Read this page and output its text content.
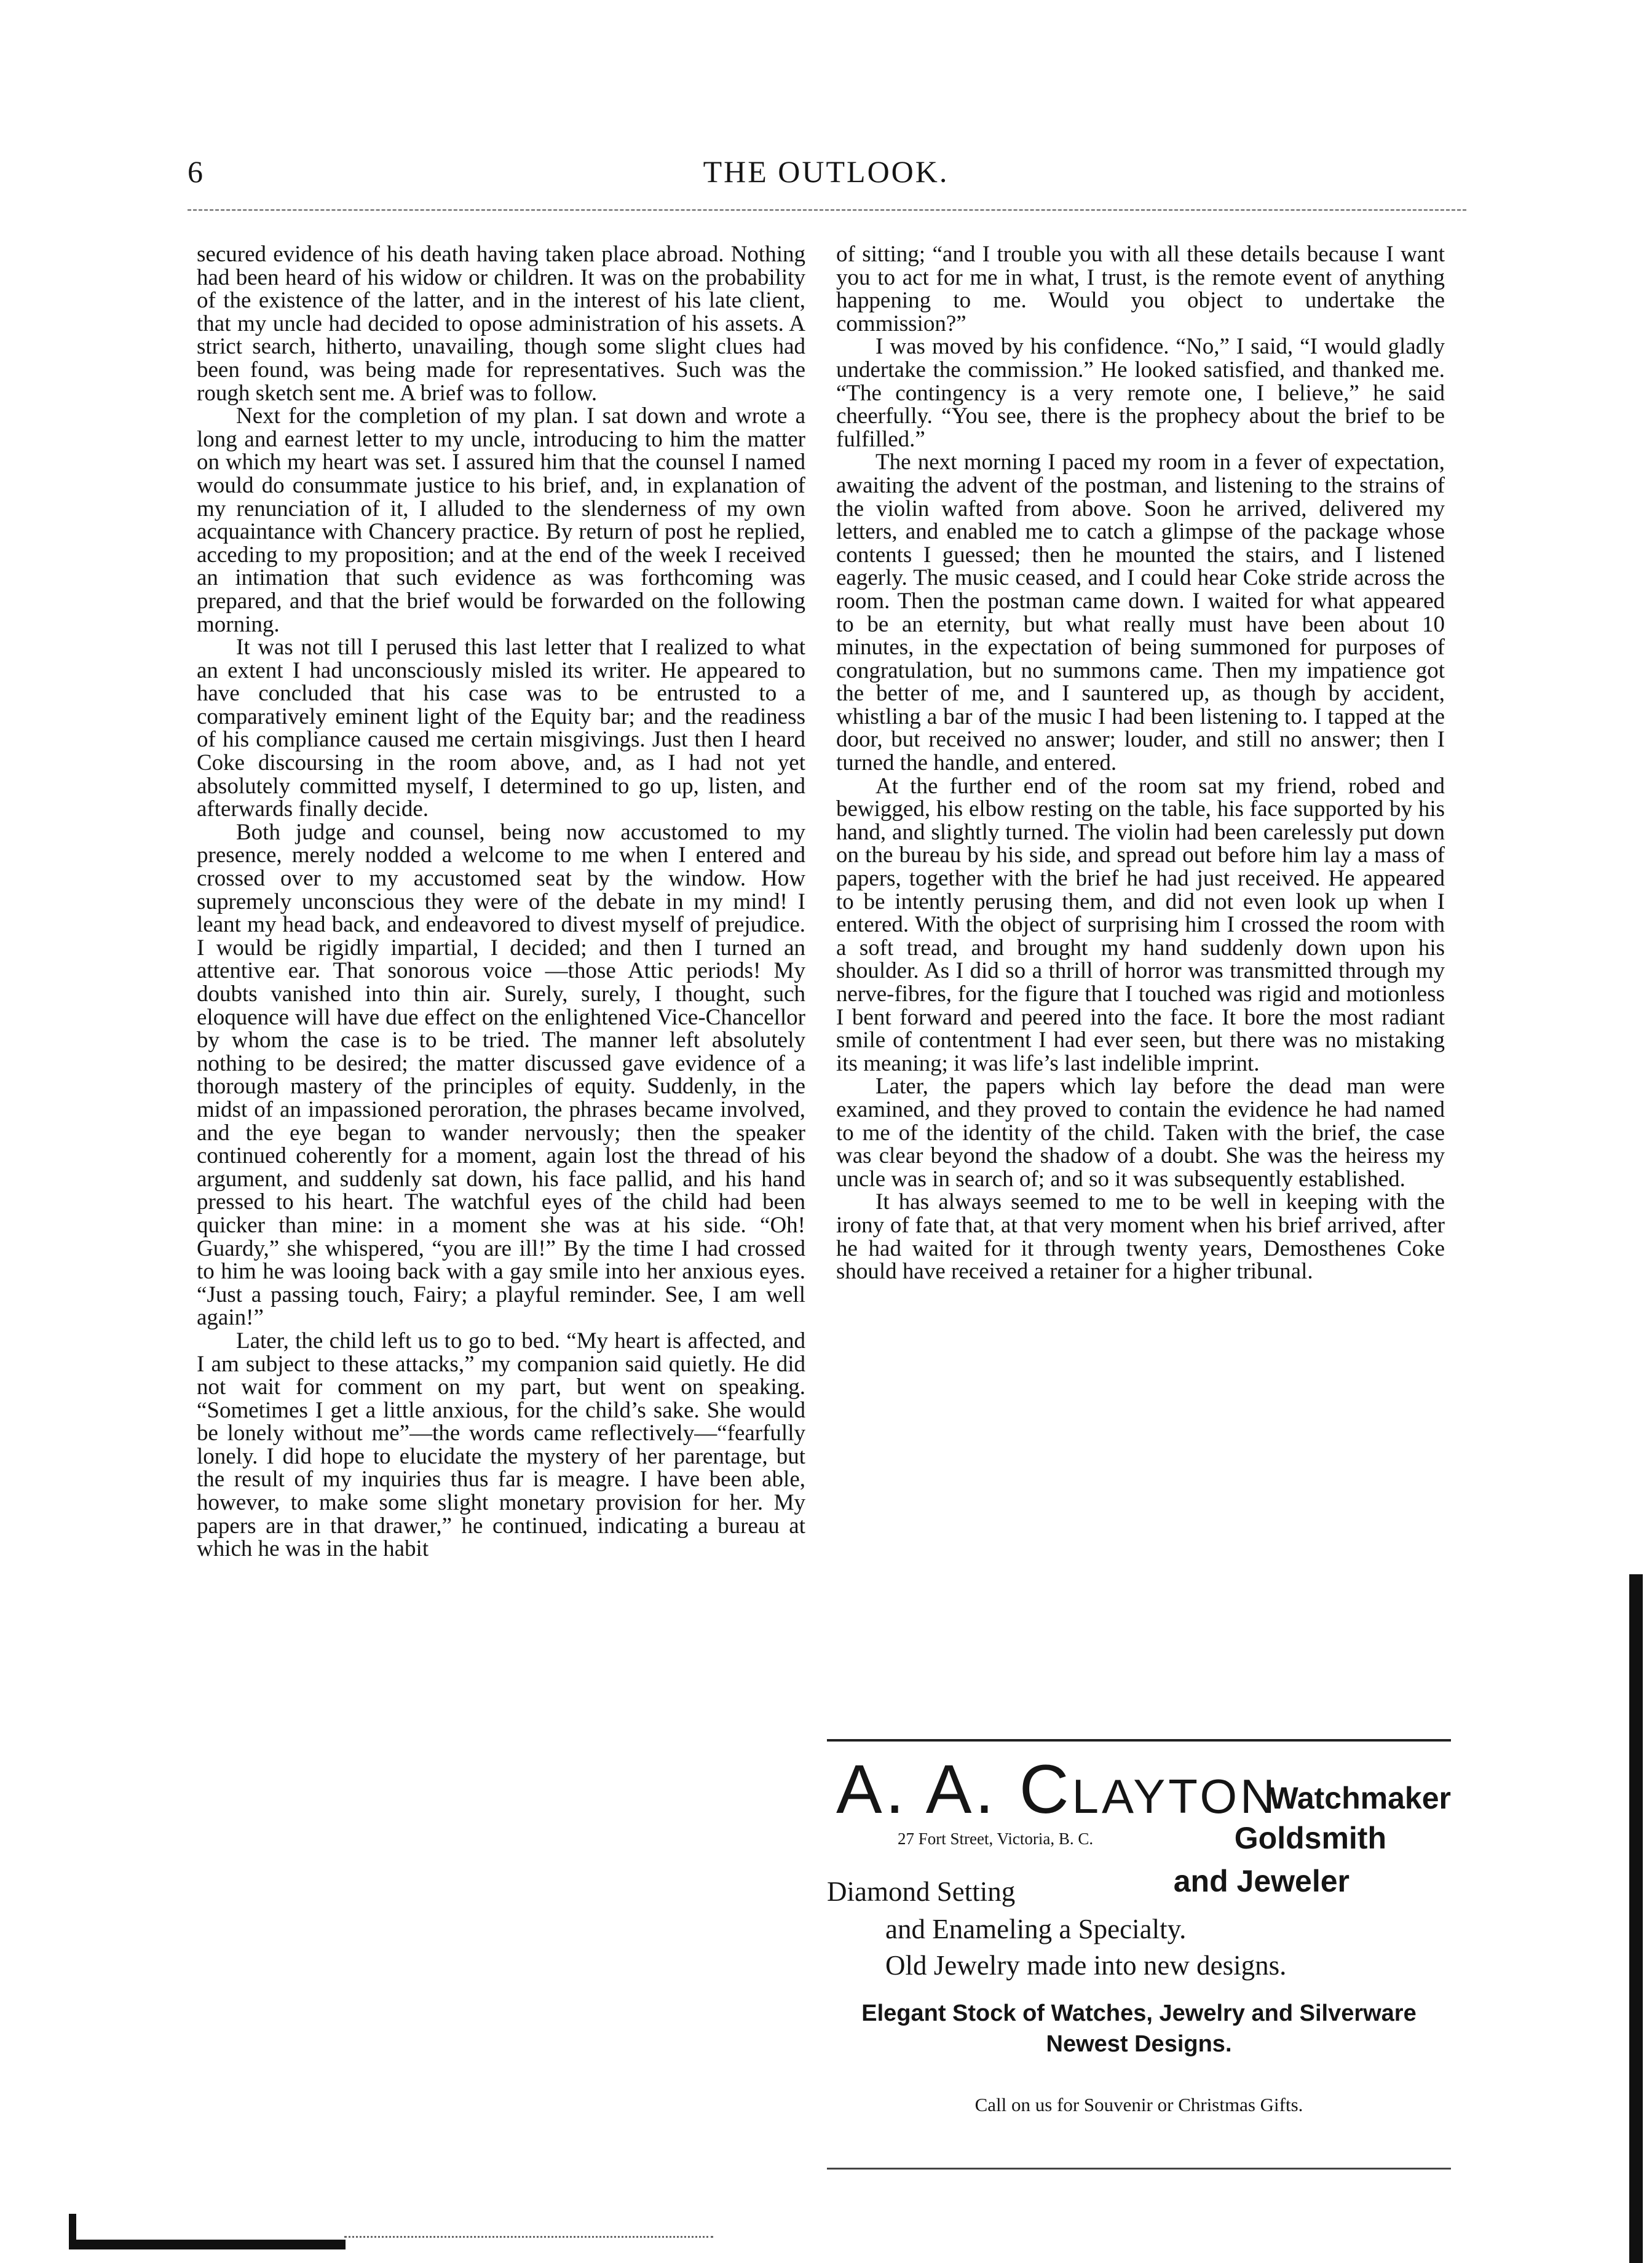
6	THE OUTLOOK.

secured evidence of his death having taken place abroad. Nothing had been heard of his widow or children. It was on the probability of the existence of the latter, and in the interest of his late client, that my uncle had decided to opose administration of his assets. A strict search, hitherto, unavailing, though some slight clues had been found, was being made for representatives. Such was the rough sketch sent me. A brief was to follow.

Next for the completion of my plan. I sat down and wrote a long and earnest letter to my uncle, introducing to him the matter on which my heart was set. I assured him that the counsel I named would do consummate justice to his brief, and, in explanation of my renunciation of it, I alluded to the slenderness of my own acquaintance with Chancery practice. By return of post he replied, acceding to my proposition; and at the end of the week I received an intimation that such evidence as was forthcoming was prepared, and that the brief would be forwarded on the following morning.

It was not till I perused this last letter that I realized to what an extent I had unconsciously misled its writer. He appeared to have concluded that his case was to be entrusted to a comparatively eminent light of the Equity bar; and the readiness of his compliance caused me certain misgivings. Just then I heard Coke discoursing in the room above, and, as I had not yet absolutely committed myself, I determined to go up, listen, and afterwards finally decide.

Both judge and counsel, being now accustomed to my presence, merely nodded a welcome to me when I entered and crossed over to my accustomed seat by the window. How supremely unconscious they were of the debate in my mind! I leant my head back, and endeavored to divest myself of prejudice. I would be rigidly impartial, I decided; and then I turned an attentive ear. That sonorous voice —those Attic periods! My doubts vanished into thin air. Surely, surely, I thought, such eloquence will have due effect on the enlightened Vice-Chancellor by whom the case is to be tried. The manner left absolutely nothing to be desired; the matter discussed gave evidence of a thorough mastery of the principles of equity. Suddenly, in the midst of an impassioned peroration, the phrases became involved, and the eye began to wander nervously; then the speaker continued coherently for a moment, again lost the thread of his argument, and suddenly sat down, his face pallid, and his hand pressed to his heart. The watchful eyes of the child had been quicker than mine: in a moment she was at his side. “Oh! Guardy,” she whispered, “you are ill!” By the time I had crossed to him he was looing back with a gay smile into her anxious eyes. “Just a passing touch, Fairy; a playful reminder. See, I am well again!”

Later, the child left us to go to bed. “My heart is affected, and I am subject to these attacks,” my companion said quietly. He did not wait for comment on my part, but went on speaking. “Sometimes I get a little anxious, for the child’s sake. She would be lonely without me”—the words came reflectively—“fearfully lonely. I did hope to elucidate the mystery of her parentage, but the result of my inquiries thus far is meagre. I have been able, however, to make some slight monetary provision for her. My papers are in that drawer,” he continued, indicating a bureau at which he was in the habit

of sitting; “and I trouble you with all these details because I want you to act for me in what, I trust, is the remote event of anything happening to me. Would you object to undertake the commission?”

I was moved by his confidence. “No,” I said, “I would gladly undertake the commission.” He looked satisfied, and thanked me. “The contingency is a very remote one, I believe,” he said cheerfully. “You see, there is the prophecy about the brief to be fulfilled.”

The next morning I paced my room in a fever of expectation, awaiting the advent of the postman, and listening to the strains of the violin wafted from above. Soon he arrived, delivered my letters, and enabled me to catch a glimpse of the package whose contents I guessed; then he mounted the stairs, and I listened eagerly. The music ceased, and I could hear Coke stride across the room. Then the postman came down. I waited for what appeared to be an eternity, but what really must have been about 10 minutes, in the expectation of being summoned for purposes of congratulation, but no summons came. Then my impatience got the better of me, and I sauntered up, as though by accident, whistling a bar of the music I had been listening to. I tapped at the door, but received no answer; louder, and still no answer; then I turned the handle, and entered.

At the further end of the room sat my friend, robed and bewigged, his elbow resting on the table, his face supported by his hand, and slightly turned. The violin had been carelessly put down on the bureau by his side, and spread out before him lay a mass of papers, together with the brief he had just received. He appeared to be intently perusing them, and did not even look up when I entered. With the object of surprising him I crossed the room with a soft tread, and brought my hand suddenly down upon his shoulder. As I did so a thrill of horror was transmitted through my nerve-fibres, for the figure that I touched was rigid and motionless I bent forward and peered into the face. It bore the most radiant smile of contentment I had ever seen, but there was no mistaking its meaning; it was life’s last indelible imprint.

Later, the papers which lay before the dead man were examined, and they proved to contain the evidence he had named to me of the identity of the child. Taken with the brief, the case was clear beyond the shadow of a doubt. She was the heiress my uncle was in search of; and so it was subsequently established.

It has always seemed to me to be well in keeping with the irony of fate that, at that very moment when his brief arrived, after he had waited for it through twenty years, Demosthenes Coke should have received a retainer for a higher tribunal.

A. A. Clayton
27 Fort Street, Victoria, B. C.
Watchmaker
Goldsmith
and Jeweler
Diamond Setting
and Enameling a Specialty.
Old Jewelry made into new designs.
Elegant Stock of Watches, Jewelry and Silverware
Newest Designs.
Call on us for Souvenir or Christmas Gifts.
